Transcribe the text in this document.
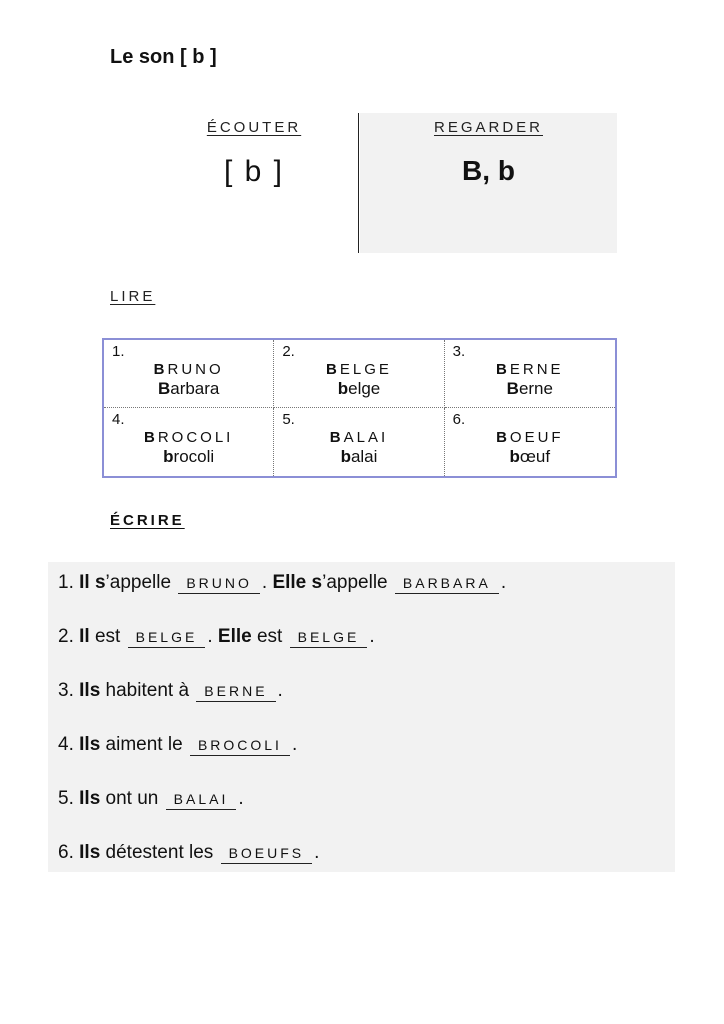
Le son [ b ]
ÉCOUTER
[ b ]
REGARDER
B, b
LIRE
1.
BRUNO
Barbara
2.
BELGE
belge
3.
BERNE
Berne
4.
BROCOLI
brocoli
5.
BALAI
balai
6.
BOEUF
bœuf
ÉCRIRE
1. Il s’appelle BRUNO . Elle s’appelle BARBARA .
2. Il est BELGE . Elle est BELGE .
3. Ils habitent à BERNE .
4. Ils aiment le BROCOLI .
5. Ils ont un BALAI .
6. Ils détestent les BOEUFS .
